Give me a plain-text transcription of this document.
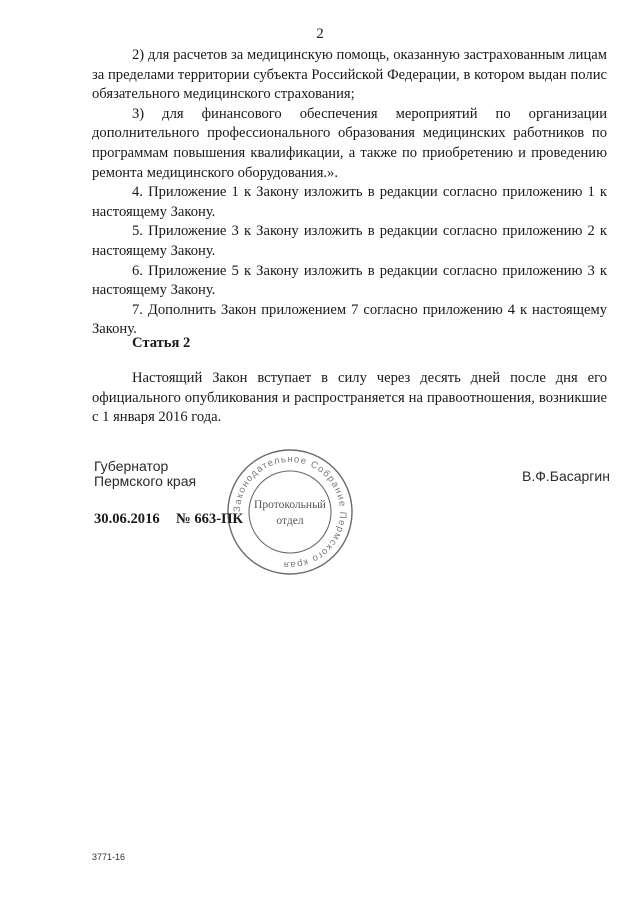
2

2) для расчетов за медицинскую помощь, оказанную застрахованным лицам за пределами территории субъекта Российской Федерации, в котором выдан полис обязательного медицинского страхования;

3) для финансового обеспечения мероприятий по организации дополнительного профессионального образования медицинских работников по программам повышения квалификации, а также по приобретению и проведению ремонта медицинского оборудования.».

4. Приложение 1 к Закону изложить в редакции согласно приложению 1 к настоящему Закону.

5. Приложение 3 к Закону изложить в редакции согласно приложению 2 к настоящему Закону.

6. Приложение 5 к Закону изложить в редакции согласно приложению 3 к настоящему Закону.

7. Дополнить Закон приложением 7 согласно приложению 4 к настоящему Закону.

Статья 2
Настоящий Закон вступает в силу через десять дней после дня его официального опубликования и распространяется на правоотношения, возникшие с 1 января 2016 года.
Губернатор
Пермского края	В.Ф.Басаргин
Законодательное Собрание Пермского края
Протокольный
отдел
30.06.2016 № 663-ПК
3771-16
